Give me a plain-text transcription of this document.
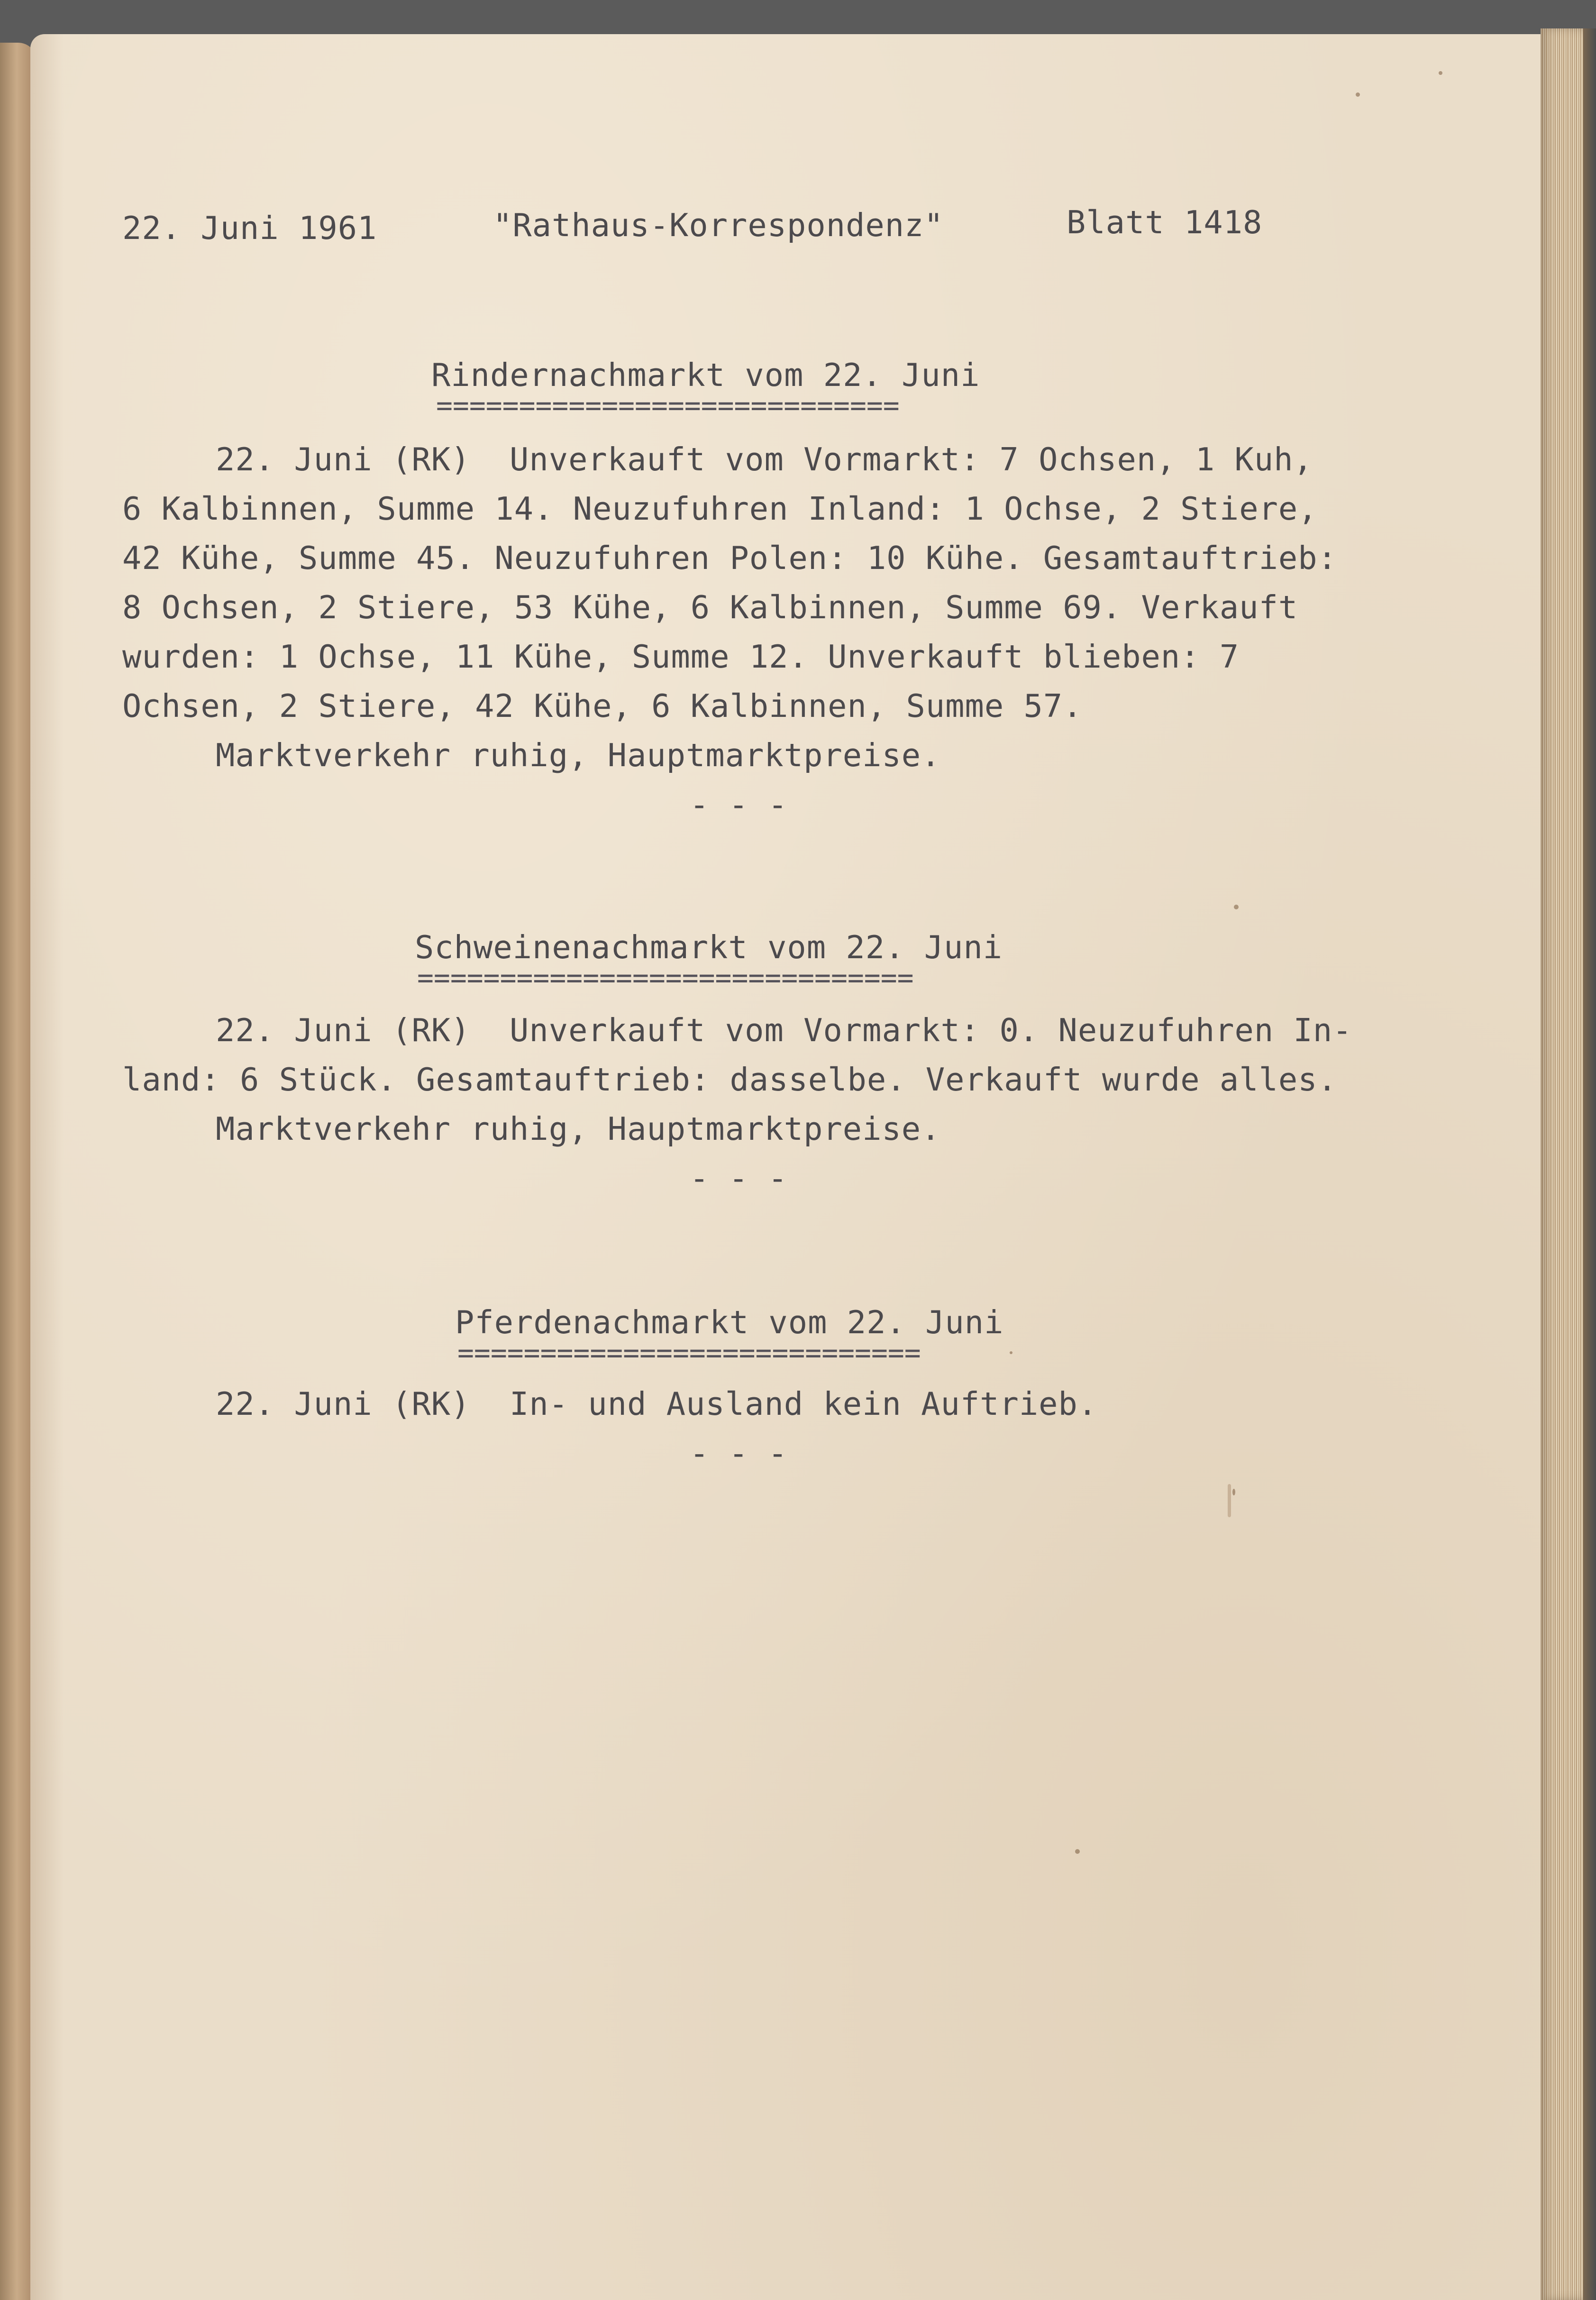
22. Juni 1961	"Rathaus-Korrespondenz"	Blatt 1418
Rindernachmarkt vom 22. Juni
============================
22. Juni (RK)  Unverkauft vom Vormarkt: 7 Ochsen, 1 Kuh,
6 Kalbinnen, Summe 14. Neuzufuhren Inland: 1 Ochse, 2 Stiere,
42 Kühe, Summe 45. Neuzufuhren Polen: 10 Kühe. Gesamtauftrieb:
8 Ochsen, 2 Stiere, 53 Kühe, 6 Kalbinnen, Summe 69. Verkauft
wurden: 1 Ochse, 11 Kühe, Summe 12. Unverkauft blieben: 7
Ochsen, 2 Stiere, 42 Kühe, 6 Kalbinnen, Summe 57.
Marktverkehr ruhig, Hauptmarktpreise.
- - -
Schweinenachmarkt vom 22. Juni
==============================
22. Juni (RK)  Unverkauft vom Vormarkt: 0. Neuzufuhren In-
land: 6 Stück. Gesamtauftrieb: dasselbe. Verkauft wurde alles.
Marktverkehr ruhig, Hauptmarktpreise.
- - -
Pferdenachmarkt vom 22. Juni
============================
22. Juni (RK)  In- und Ausland kein Auftrieb.
- - -
